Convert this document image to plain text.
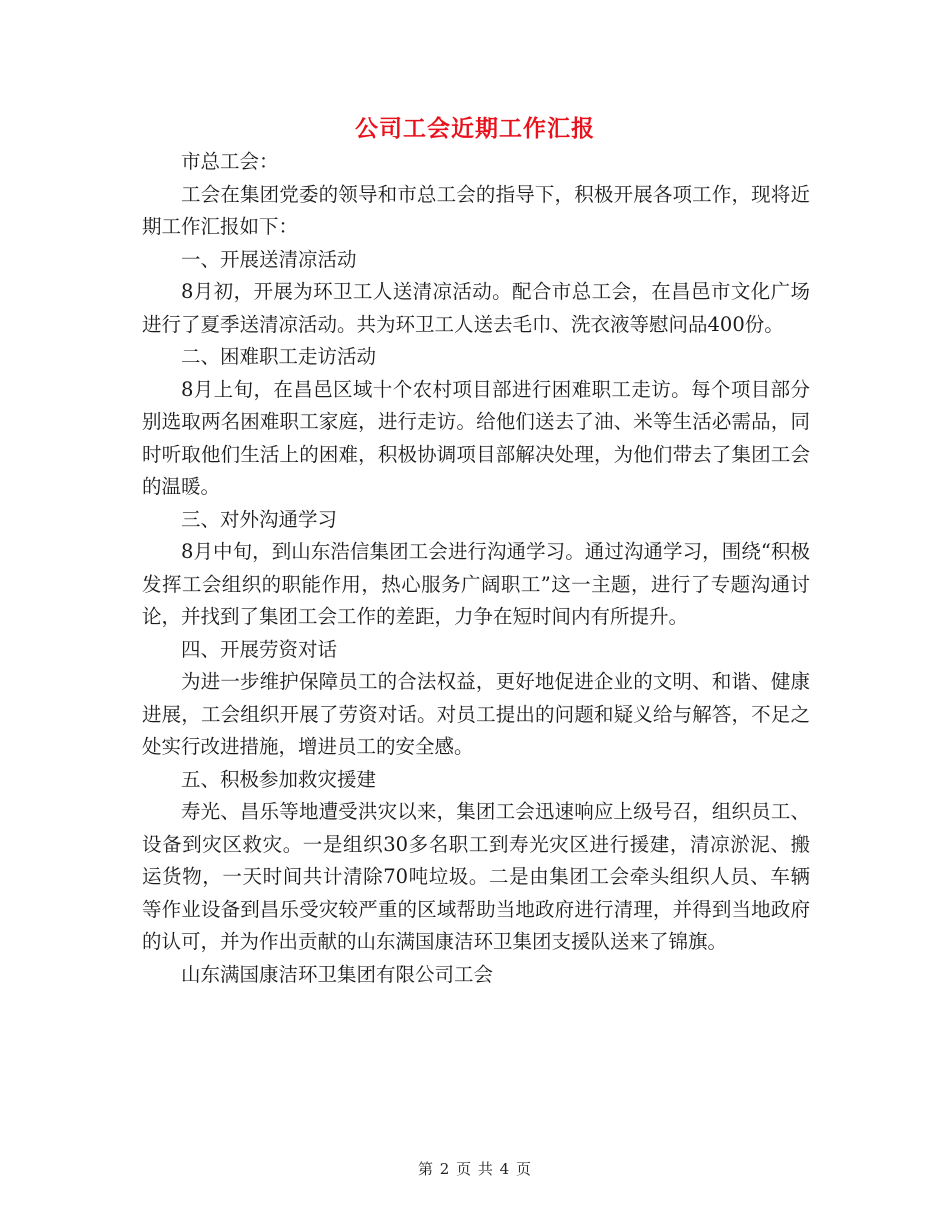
公司工会近期工作汇报

市总工会：

工会在集团党委的领导和市总工会的指导下，积极开展各项工作，现将近期工作汇报如下：

一、开展送清凉活动

8月初，开展为环卫工人送清凉活动。配合市总工会，在昌邑市文化广场进行了夏季送清凉活动。共为环卫工人送去毛巾、洗衣液等慰问品400份。

二、困难职工走访活动

8月上旬，在昌邑区域十个农村项目部进行困难职工走访。每个项目部分别选取两名困难职工家庭，进行走访。给他们送去了油、米等生活必需品，同时听取他们生活上的困难，积极协调项目部解决处理，为他们带去了集团工会的温暖。

三、对外沟通学习

8月中旬，到山东浩信集团工会进行沟通学习。通过沟通学习，围绕“积极发挥工会组织的职能作用，热心服务广阔职工”这一主题，进行了专题沟通讨论，并找到了集团工会工作的差距，力争在短时间内有所提升。

四、开展劳资对话

为进一步维护保障员工的合法权益，更好地促进企业的文明、和谐、健康进展，工会组织开展了劳资对话。对员工提出的问题和疑义给与解答，不足之处实行改进措施，增进员工的安全感。

五、积极参加救灾援建

寿光、昌乐等地遭受洪灾以来，集团工会迅速响应上级号召，组织员工、设备到灾区救灾。一是组织30多名职工到寿光灾区进行援建，清凉淤泥、搬运货物，一天时间共计清除70吨垃圾。二是由集团工会牵头组织人员、车辆等作业设备到昌乐受灾较严重的区域帮助当地政府进行清理，并得到当地政府的认可，并为作出贡献的山东满国康洁环卫集团支援队送来了锦旗。

山东满国康洁环卫集团有限公司工会

第 2 页 共 4 页
